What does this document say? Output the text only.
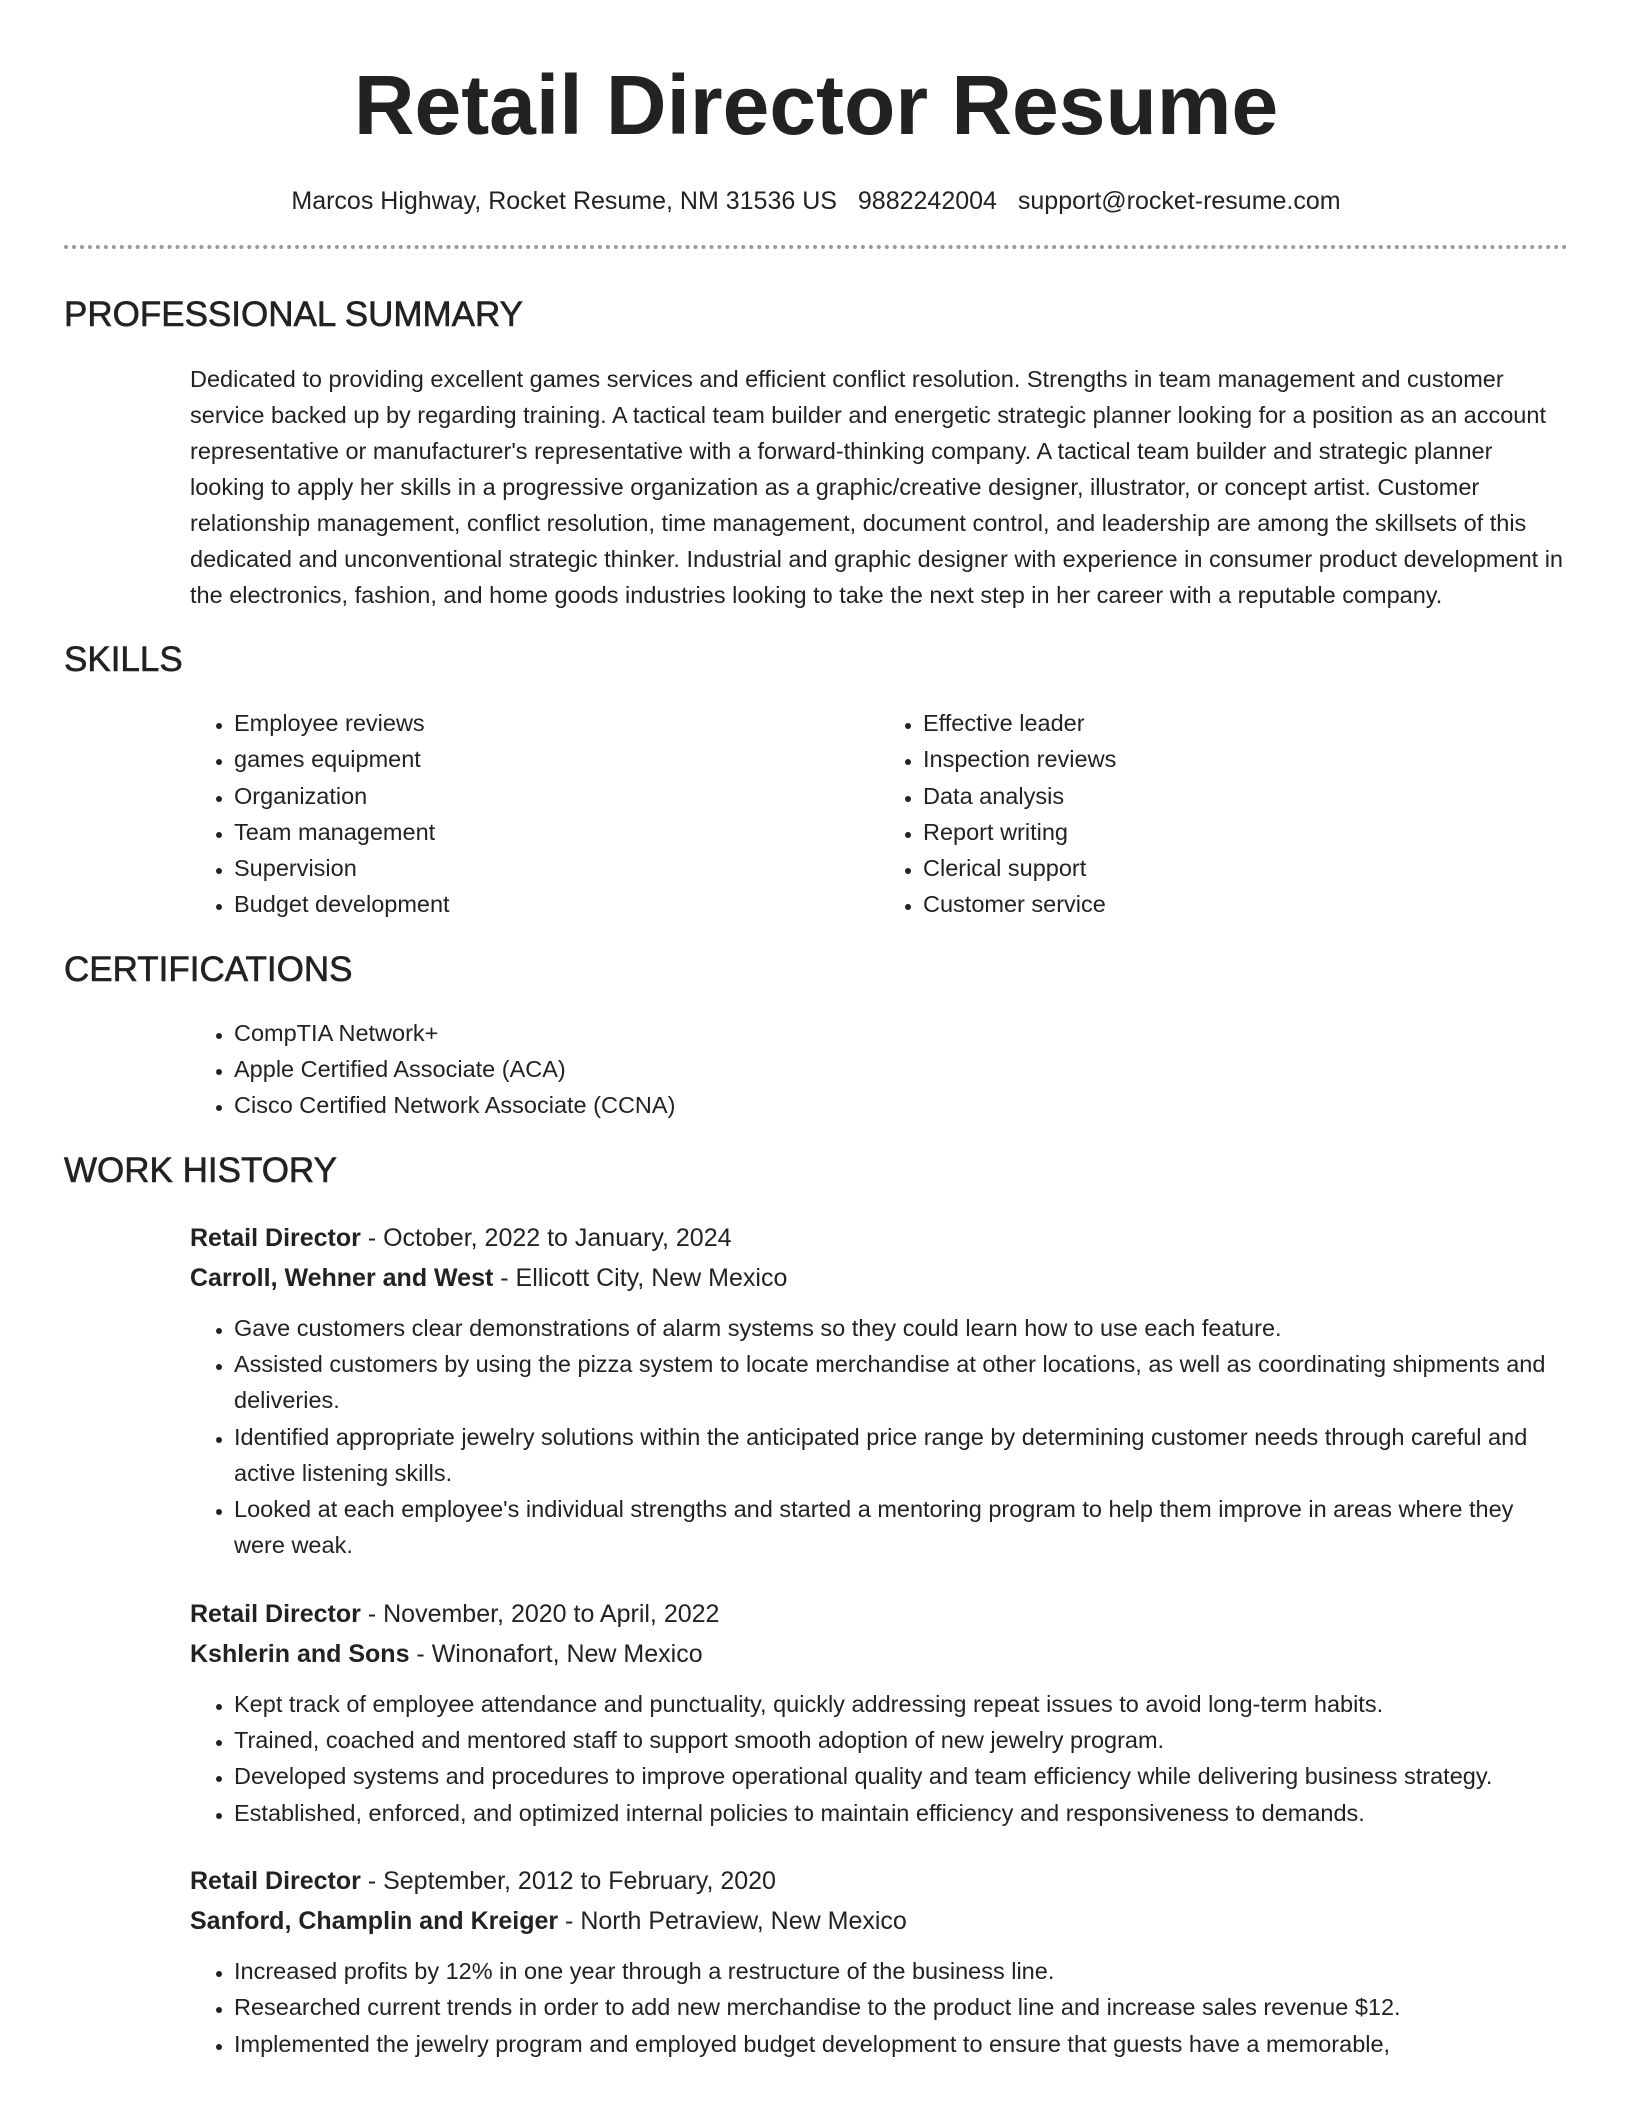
Retail Director Resume
Marcos Highway, Rocket Resume, NM 31536 US 9882242004 support@rocket-resume.com
PROFESSIONAL SUMMARY

Dedicated to providing excellent games services and efficient conflict resolution. Strengths in team management and customer service backed up by regarding training. A tactical team builder and energetic strategic planner looking for a position as an account representative or manufacturer's representative with a forward-thinking company. A tactical team builder and strategic planner looking to apply her skills in a progressive organization as a graphic/creative designer, illustrator, or concept artist. Customer relationship management, conflict resolution, time management, document control, and leadership are among the skillsets of this dedicated and unconventional strategic thinker. Industrial and graphic designer with experience in consumer product development in the electronics, fashion, and home goods industries looking to take the next step in her career with a reputable company.

SKILLS
• Employee reviews
• games equipment
• Organization
• Team management
• Supervision
• Budget development
• Effective leader
• Inspection reviews
• Data analysis
• Report writing
• Clerical support
• Customer service
CERTIFICATIONS
• CompTIA Network+
• Apple Certified Associate (ACA)
• Cisco Certified Network Associate (CCNA)
WORK HISTORY
Retail Director - October, 2022 to January, 2024
Carroll, Wehner and West - Ellicott City, New Mexico
• Gave customers clear demonstrations of alarm systems so they could learn how to use each feature.
• Assisted customers by using the pizza system to locate merchandise at other locations, as well as coordinating shipments and deliveries.
• Identified appropriate jewelry solutions within the anticipated price range by determining customer needs through careful and active listening skills.
• Looked at each employee's individual strengths and started a mentoring program to help them improve in areas where they were weak.
Retail Director - November, 2020 to April, 2022
Kshlerin and Sons - Winonafort, New Mexico
• Kept track of employee attendance and punctuality, quickly addressing repeat issues to avoid long-term habits.
• Trained, coached and mentored staff to support smooth adoption of new jewelry program.
• Developed systems and procedures to improve operational quality and team efficiency while delivering business strategy.
• Established, enforced, and optimized internal policies to maintain efficiency and responsiveness to demands.
Retail Director - September, 2012 to February, 2020
Sanford, Champlin and Kreiger - North Petraview, New Mexico
• Increased profits by 12% in one year through a restructure of the business line.
• Researched current trends in order to add new merchandise to the product line and increase sales revenue $12.
• Implemented the jewelry program and employed budget development to ensure that guests have a memorable,
